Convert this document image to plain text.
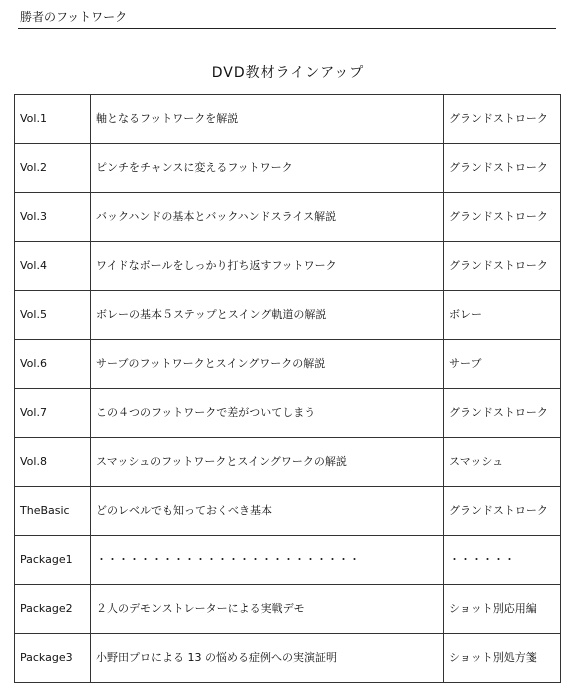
勝者のフットワーク
DVD教材ラインアップ
Vol.1	軸となるフットワークを解説	グランドストローク
Vol.2	ピンチをチャンスに変えるフットワーク	グランドストローク
Vol.3	バックハンドの基本とバックハンドスライス解説	グランドストローク
Vol.4	ワイドなボールをしっかり打ち返すフットワーク	グランドストローク
Vol.5	ボレーの基本５ステップとスイング軌道の解説	ボレー
Vol.6	サーブのフットワークとスイングワークの解説	サーブ
Vol.7	この４つのフットワークで差がついてしまう	グランドストローク
Vol.8	スマッシュのフットワークとスイングワークの解説	スマッシュ
TheBasic	どのレベルでも知っておくべき基本	グランドストローク
Package1	・・・・・・・・・・・・・・・・・・・・・・・・	・・・・・・
Package2	２人のデモンストレーターによる実戦デモ	ショット別応用編
Package3	小野田プロによる 13 の悩める症例への実演証明	ショット別処方箋
